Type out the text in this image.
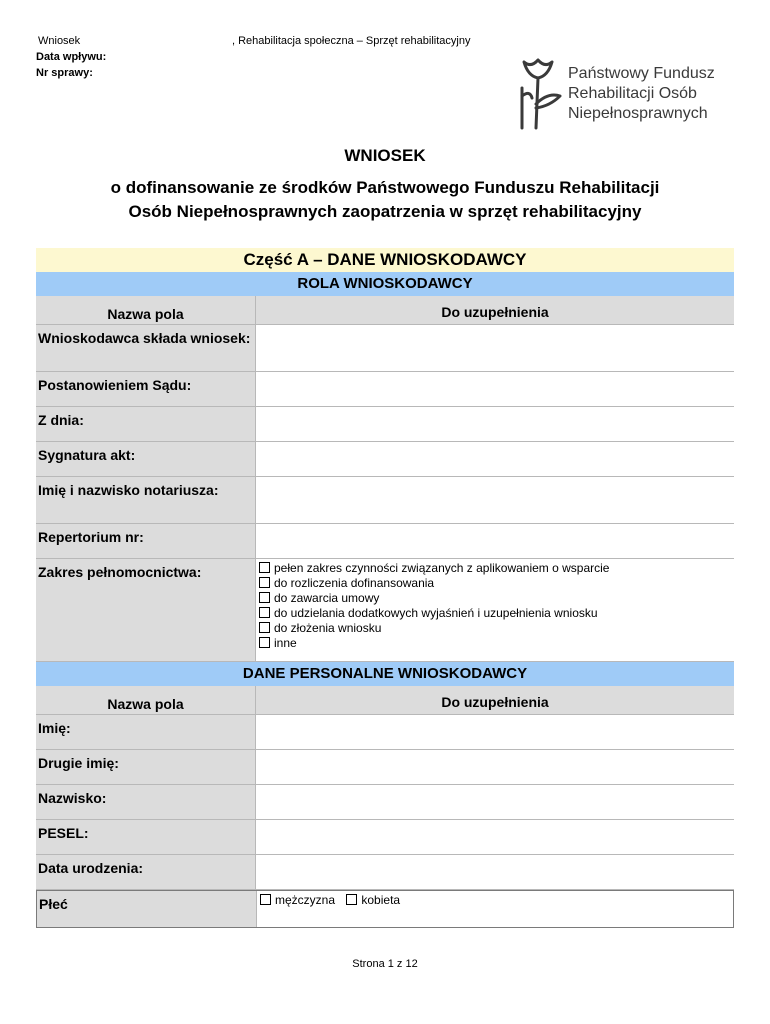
Wniosek	, Rehabilitacja społeczna – Sprzęt rehabilitacyjny
Data wpływu:
Nr sprawy:	Państwowy Fundusz
Rehabilitacji Osób
Niepełnosprawnych
WNIOSEK
o dofinansowanie ze środków Państwowego Funduszu Rehabilitacji
Osób Niepełnosprawnych zaopatrzenia w sprzęt rehabilitacyjny
Część A – DANE WNIOSKODAWCY
ROLA WNIOSKODAWCY
Nazwa pola	Do uzupełnienia
Wnioskodawca składa wniosek:
Postanowieniem Sądu:
Z dnia:
Sygnatura akt:
Imię i nazwisko notariusza:
Repertorium nr:
Zakres pełnomocnictwa:	pełen zakres czynności związanych z aplikowaniem o wsparcie
do rozliczenia dofinansowania
do zawarcia umowy
do udzielania dodatkowych wyjaśnień i uzupełnienia wniosku
do złożenia wniosku
inne
DANE PERSONALNE WNIOSKODAWCY
Nazwa pola	Do uzupełnienia
Imię:
Drugie imię:
Nazwisko:
PESEL:
Data urodzenia:
Płeć	mężczyzna kobieta
Strona 1 z 12
